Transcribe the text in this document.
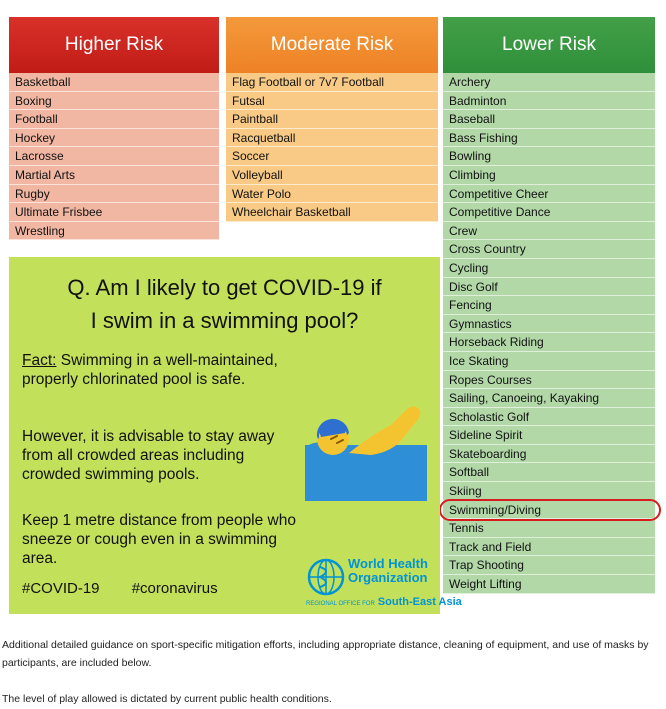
Higher Risk
Basketball
Boxing
Football
Hockey
Lacrosse
Martial Arts
Rugby
Ultimate Frisbee
Wrestling
Moderate Risk
Flag Football or 7v7 Football
Futsal
Paintball
Racquetball
Soccer
Volleyball
Water Polo
Wheelchair Basketball
Lower Risk
Archery
Badminton
Baseball
Bass Fishing
Bowling
Climbing
Competitive Cheer
Competitive Dance
Crew
Cross Country
Cycling
Disc Golf
Fencing
Gymnastics
Horseback Riding
Ice Skating
Ropes Courses
Sailing, Canoeing, Kayaking
Scholastic Golf
Sideline Spirit
Skateboarding
Softball
Skiing
Swimming/Diving
Tennis
Track and Field
Trap Shooting
Weight Lifting
Q. Am I likely to get COVID-19 if
I swim in a swimming pool?
Fact: Swimming in a well-maintained, properly chlorinated pool is safe.
However, it is advisable to stay away from all crowded areas including crowded swimming pools.
Keep 1 metre distance from people who sneeze or cough even in a swimming area.
#COVID-19 #coronavirus
World Health
Organization
REGIONAL OFFICE FOR South-East Asia
Additional detailed guidance on sport-specific mitigation efforts, including appropriate distance, cleaning of equipment, and use of masks by participants, are included below.
The level of play allowed is dictated by current public health conditions.
